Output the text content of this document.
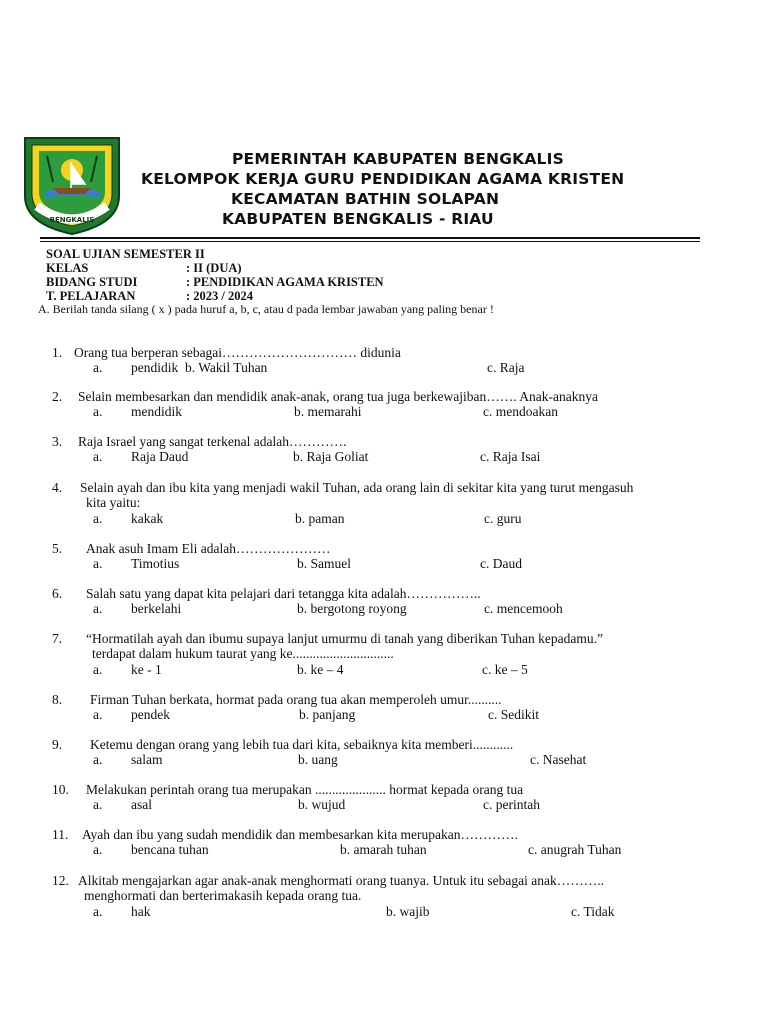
BENGKALIS
PEMERINTAH KABUPATEN BENGKALIS
KELOMPOK KERJA GURU PENDIDIKAN AGAMA KRISTEN
KECAMATAN BATHIN SOLAPAN
KABUPATEN BENGKALIS - RIAU
SOAL UJIAN SEMESTER II
KELAS	: II (DUA)
BIDANG STUDI	: PENDIDIKAN AGAMA KRISTEN
T. PELAJARAN	: 2023 / 2024
A. Berilah tanda silang ( x ) pada huruf a, b, c, atau d pada lembar jawaban yang paling benar !
1. Orang tua berperan sebagai………………………… didunia
a. pendidik b. Wakil Tuhan	c. Raja
2. Selain membesarkan dan mendidik anak-anak, orang tua juga berkewajiban……. Anak-anaknya
a. mendidik	b. memarahi	c. mendoakan
3. Raja Israel yang sangat terkenal adalah………….
a. Raja Daud	b. Raja Goliat	c. Raja Isai
4. Selain ayah dan ibu kita yang menjadi wakil Tuhan, ada orang lain di sekitar kita yang turut mengasuh
kita yaitu:
a. kakak	b. paman	c. guru
5. Anak asuh Imam Eli adalah…………………
a. Timotius	b. Samuel	c. Daud
6. Salah satu yang dapat kita pelajari dari tetangga kita adalah……………..
a. berkelahi	b. bergotong royong	c. mencemooh
7. “Hormatilah ayah dan ibumu supaya lanjut umurmu di tanah yang diberikan Tuhan kepadamu.”
terdapat dalam hukum taurat yang ke..............................
a. ke - 1	b. ke – 4	c. ke – 5
8. Firman Tuhan berkata, hormat pada orang tua akan memperoleh umur..........
a. pendek	b. panjang	c. Sedikit
9. Ketemu dengan orang yang lebih tua dari kita, sebaiknya kita memberi............
a. salam	b. uang	c. Nasehat
10. Melakukan perintah orang tua merupakan ..................... hormat kepada orang tua
a. asal	b. wujud	c. perintah
11. Ayah dan ibu yang sudah mendidik dan membesarkan kita merupakan………….
a. bencana tuhan	b. amarah tuhan	c. anugrah Tuhan
12. Alkitab mengajarkan agar anak-anak menghormati orang tuanya. Untuk itu sebagai anak………..
menghormati dan berterimakasih kepada orang tua.
a. hak	b. wajib	c. Tidak
